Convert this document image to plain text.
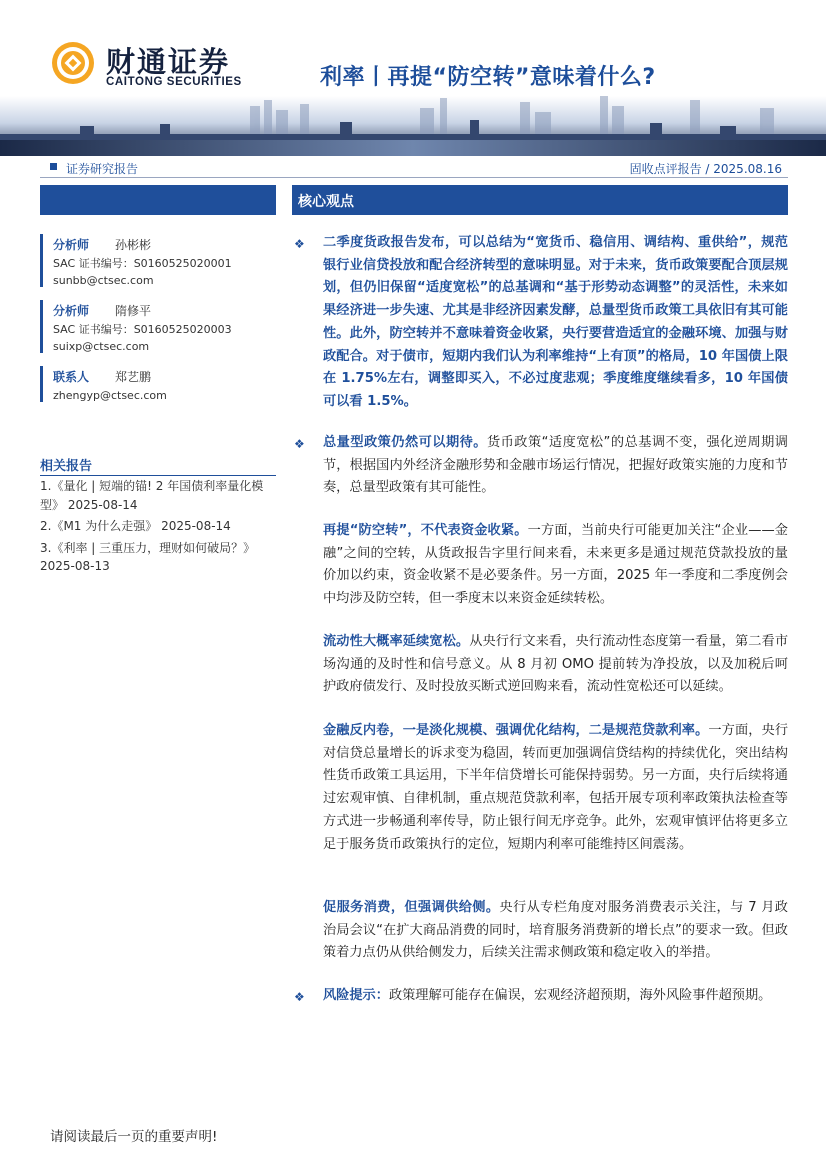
财通证券
CAITONG SECURITIES	利率丨再提“防空转”意味着什么?
证券研究报告	固收点评报告 / 2025.08.16
分析师 孙彬彬
SAC 证书编号：S0160525020001
sunbb@ctsec.com
分析师 隋修平
SAC 证书编号：S0160525020003
suixp@ctsec.com
联系人 郑艺鹏
zhengyp@ctsec.com
相关报告
1.《量化 | 短端的锚! 2 年国债利率量化模型》 2025-08-14
2.《M1 为什么走强》 2025-08-14
3.《利率 | 三重压力，理财如何破局？》 2025-08-13
核心观点
❖ 二季度货政报告发布，可以总结为“宽货币、稳信用、调结构、重供给”，规范银行业信贷投放和配合经济转型的意味明显。对于未来，货币政策要配合顶层规划，但仍旧保留“适度宽松”的总基调和“基于形势动态调整”的灵活性，未来如果经济进一步失速、尤其是非经济因素发酵，总量型货币政策工具依旧有其可能性。此外，防空转并不意味着资金收紧，央行要营造适宜的金融环境、加强与财政配合。对于债市，短期内我们认为利率维持“上有顶”的格局，10 年国债上限在 1.75%左右，调整即买入，不必过度悲观；季度维度继续看多，10 年国债可以看 1.5%。
❖ 总量型政策仍然可以期待。货币政策“适度宽松”的总基调不变，强化逆周期调节，根据国内外经济金融形势和金融市场运行情况，把握好政策实施的力度和节奏，总量型政策有其可能性。
再提“防空转”，不代表资金收紧。一方面，当前央行可能更加关注“企业——金融”之间的空转，从货政报告字里行间来看，未来更多是通过规范贷款投放的量价加以约束，资金收紧不是必要条件。另一方面，2025 年一季度和二季度例会中均涉及防空转，但一季度末以来资金延续转松。
流动性大概率延续宽松。从央行行文来看，央行流动性态度第一看量，第二看市场沟通的及时性和信号意义。从 8 月初 OMO 提前转为净投放，以及加税后呵护政府债发行、及时投放买断式逆回购来看，流动性宽松还可以延续。
金融反内卷，一是淡化规模、强调优化结构，二是规范贷款利率。一方面，央行对信贷总量增长的诉求变为稳固，转而更加强调信贷结构的持续优化，突出结构性货币政策工具运用，下半年信贷增长可能保持弱势。另一方面，央行后续将通过宏观审慎、自律机制，重点规范贷款利率，包括开展专项利率政策执法检查等方式进一步畅通利率传导，防止银行间无序竞争。此外，宏观审慎评估将更多立足于服务货币政策执行的定位，短期内利率可能维持区间震荡。
促服务消费，但强调供给侧。央行从专栏角度对服务消费表示关注，与 7 月政治局会议“在扩大商品消费的同时，培育服务消费新的增长点”的要求一致。但政策着力点仍从供给侧发力，后续关注需求侧政策和稳定收入的举措。
❖ 风险提示：政策理解可能存在偏误，宏观经济超预期，海外风险事件超预期。
请阅读最后一页的重要声明!
